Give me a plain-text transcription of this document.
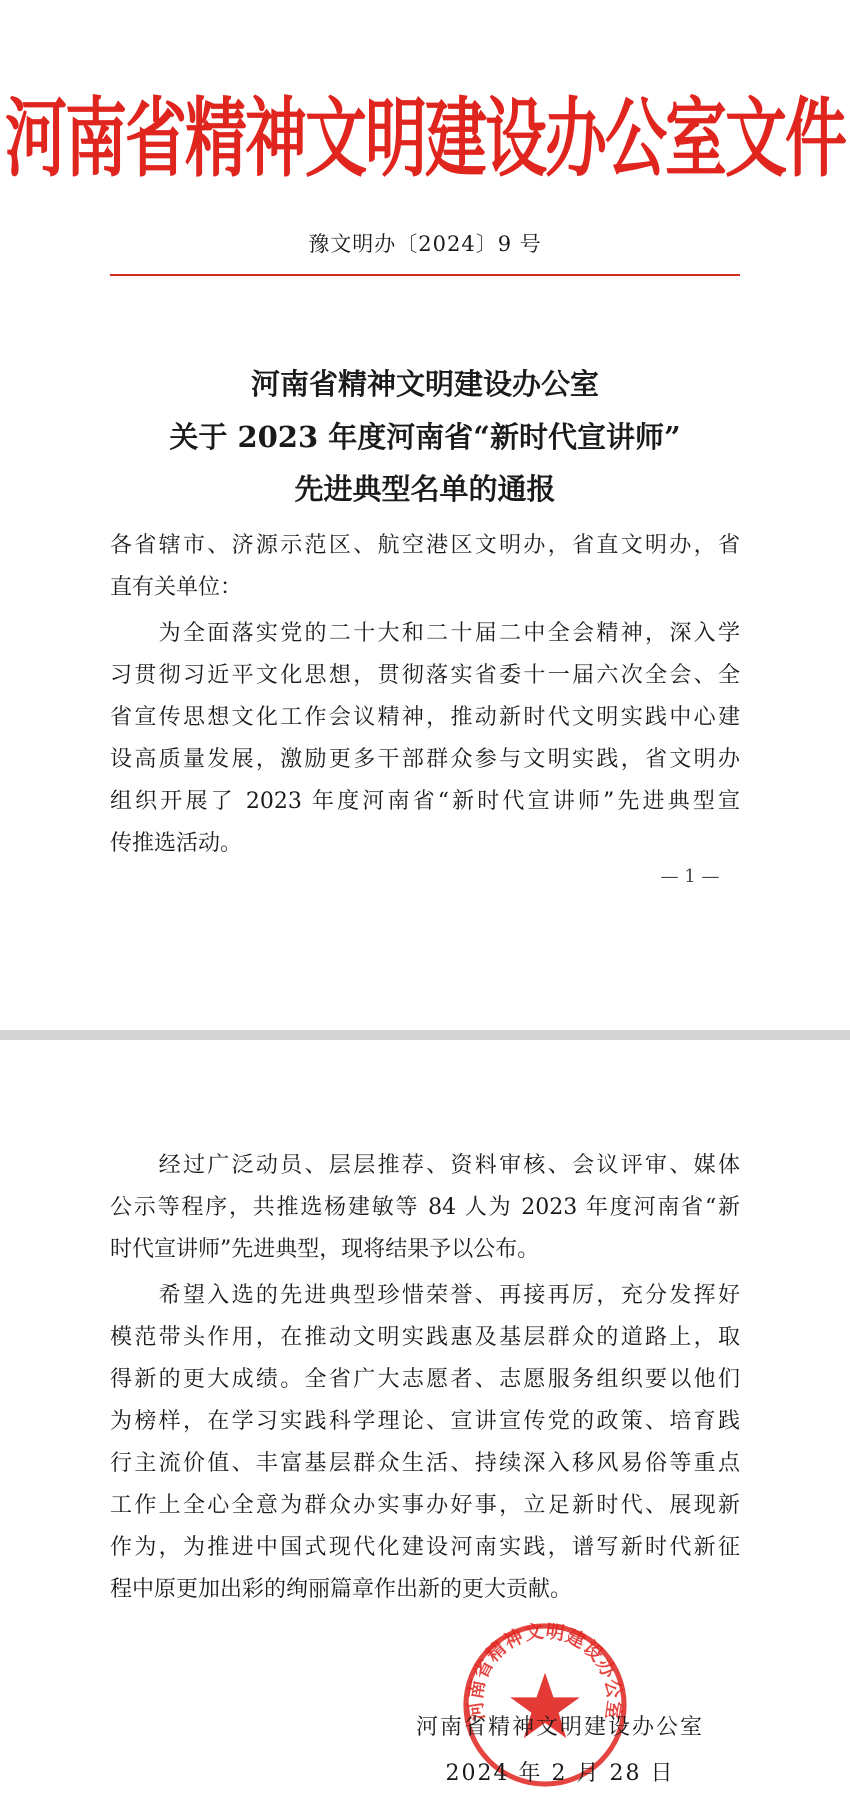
河南省精神文明建设办公室文件
豫文明办〔2024〕9 号
河南省精神文明建设办公室
关于 2023 年度河南省“新时代宣讲师”
先进典型名单的通报
各省辖市、济源示范区、航空港区文明办，省直文明办，省
直有关单位：
　　为全面落实党的二十大和二十届二中全会精神，深入学
习贯彻习近平文化思想，贯彻落实省委十一届六次全会、全
省宣传思想文化工作会议精神，推动新时代文明实践中心建
设高质量发展，激励更多干部群众参与文明实践，省文明办
组织开展了 2023 年度河南省“新时代宣讲师”先进典型宣
传推选活动。
— 1 —
　　经过广泛动员、层层推荐、资料审核、会议评审、媒体
公示等程序，共推选杨建敏等 84 人为 2023 年度河南省“新
时代宣讲师”先进典型，现将结果予以公布。
　　希望入选的先进典型珍惜荣誉、再接再厉，充分发挥好
模范带头作用，在推动文明实践惠及基层群众的道路上，取
得新的更大成绩。全省广大志愿者、志愿服务组织要以他们
为榜样，在学习实践科学理论、宣讲宣传党的政策、培育践
行主流价值、丰富基层群众生活、持续深入移风易俗等重点
工作上全心全意为群众办实事办好事，立足新时代、展现新
作为，为推进中国式现代化建设河南实践，谱写新时代新征
程中原更加出彩的绚丽篇章作出新的更大贡献。
河南省精神文明建设办公室
河南省精神文明建设办公室
2024 年 2 月 28 日
